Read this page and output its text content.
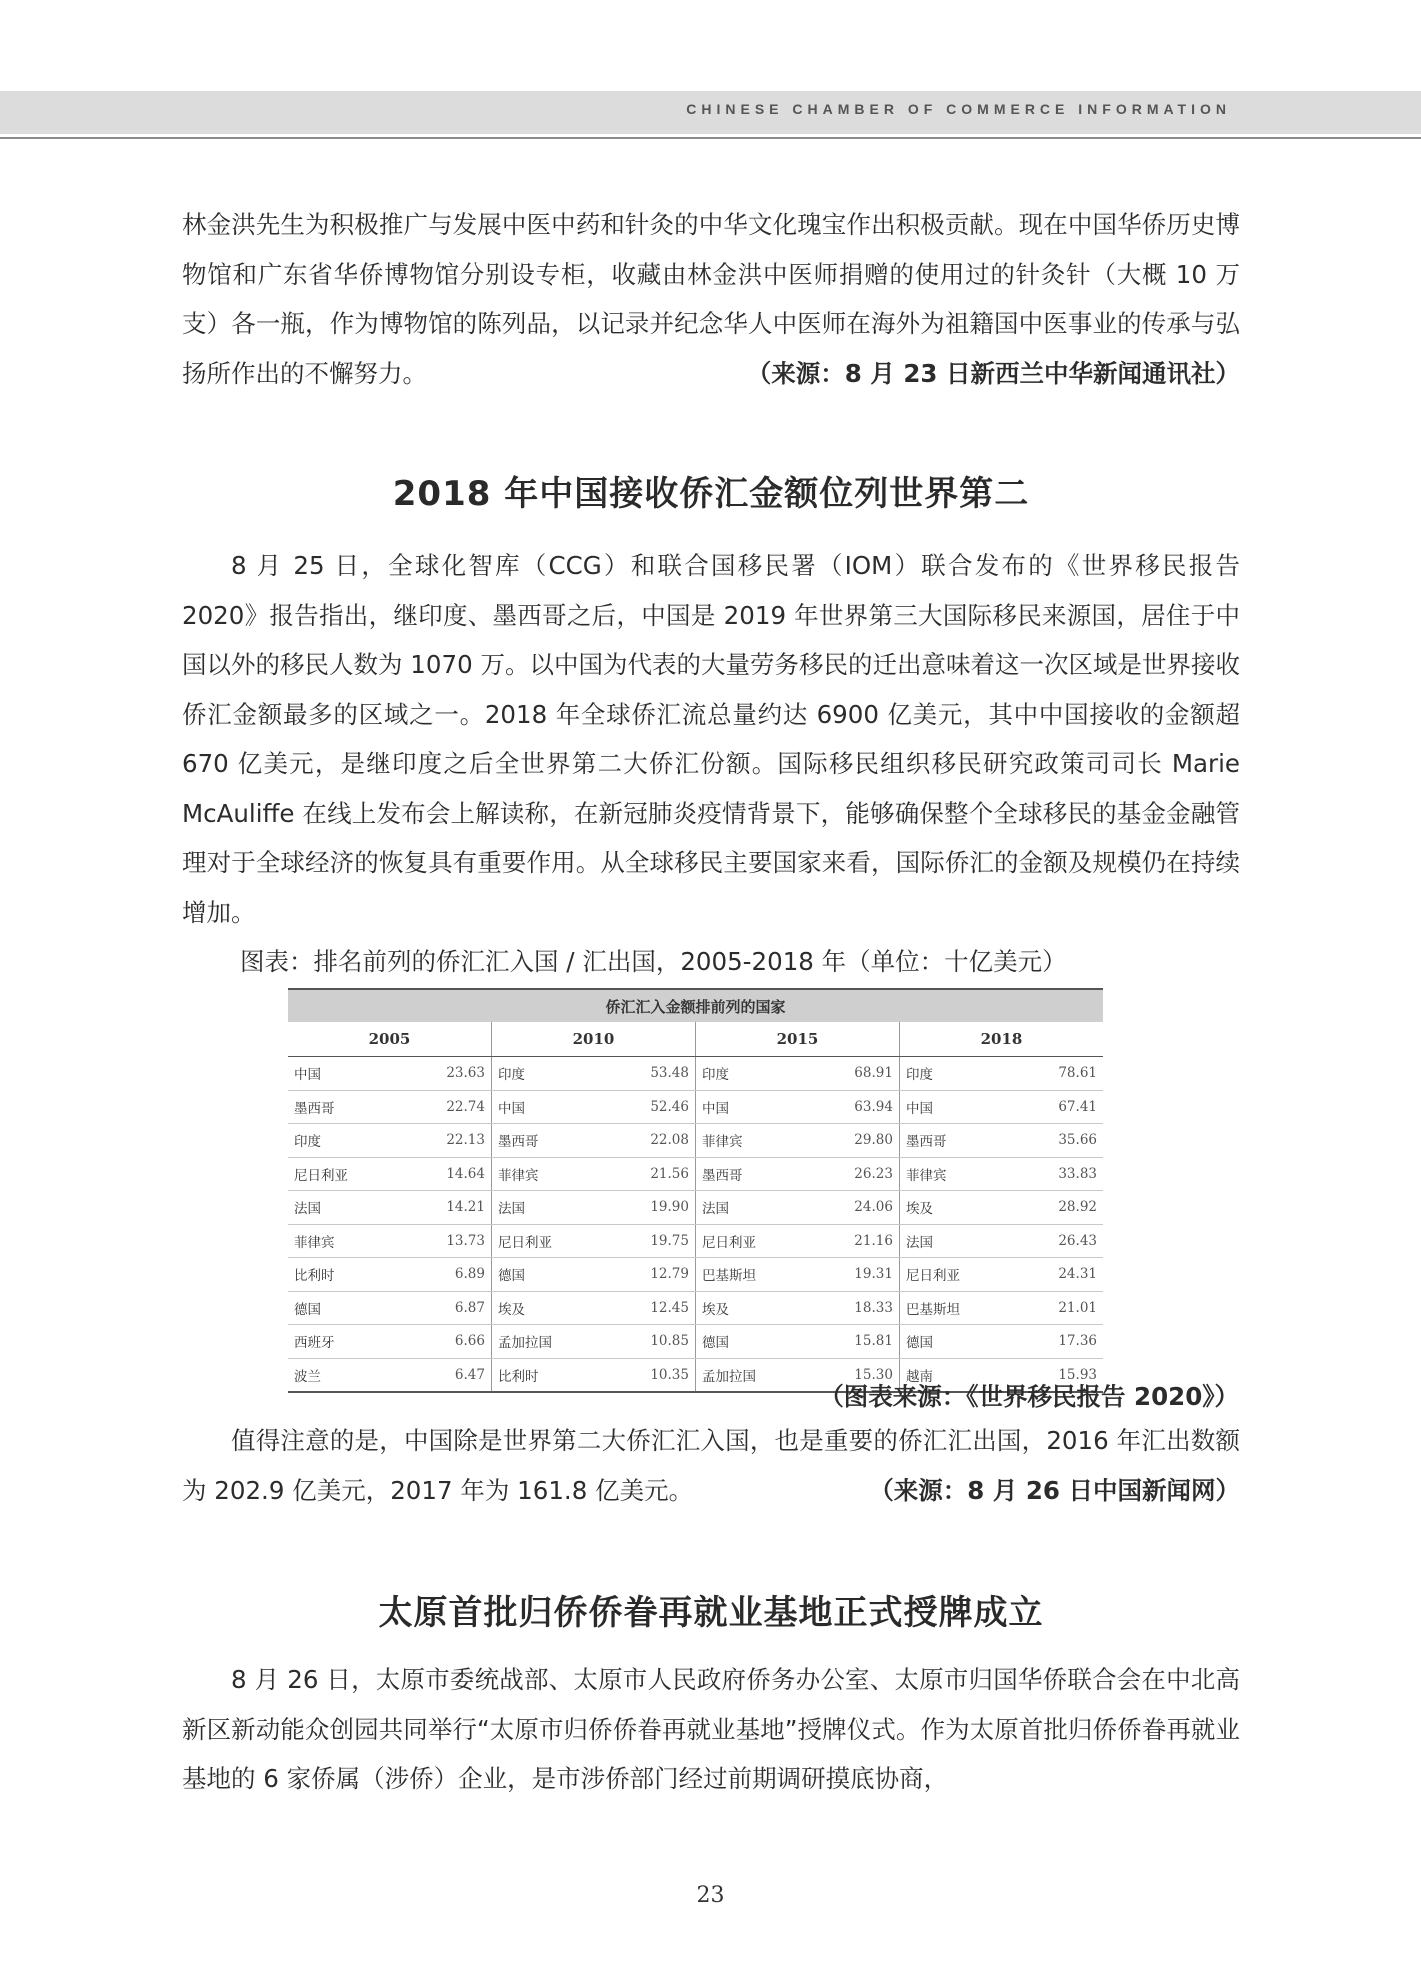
CHINESE CHAMBER OF COMMERCE INFORMATION

林金洪先生为积极推广与发展中医中药和针灸的中华文化瑰宝作出积极贡献。现在中国华侨历史博物馆和广东省华侨博物馆分别设专柜，收藏由林金洪中医师捐赠的使用过的针灸针（大概 10 万支）各一瓶，作为博物馆的陈列品，以记录并纪念华人中医师在海外为祖籍国中医事业的传承与弘扬所作出的不懈努力。	（来源：8 月 23 日新西兰中华新闻通讯社）

2018 年中国接收侨汇金额位列世界第二

8 月 25 日，全球化智库（CCG）和联合国移民署（IOM）联合发布的《世界移民报告 2020》报告指出，继印度、墨西哥之后，中国是 2019 年世界第三大国际移民来源国，居住于中国以外的移民人数为 1070 万。以中国为代表的大量劳务移民的迁出意味着这一次区域是世界接收侨汇金额最多的区域之一。2018 年全球侨汇流总量约达 6900 亿美元，其中中国接收的金额超 670 亿美元，是继印度之后全世界第二大侨汇份额。国际移民组织移民研究政策司司长 Marie McAuliffe 在线上发布会上解读称，在新冠肺炎疫情背景下，能够确保整个全球移民的基金金融管理对于全球经济的恢复具有重要作用。从全球移民主要国家来看，国际侨汇的金额及规模仍在持续增加。

图表：排名前列的侨汇汇入国 / 汇出国，2005-2018 年（单位：十亿美元）
侨汇汇入金额排前列的国家							
2005		2010		2015		2018	
中国	23.63	印度	53.48	印度	68.91	印度	78.61
墨西哥	22.74	中国	52.46	中国	63.94	中国	67.41
印度	22.13	墨西哥	22.08	菲律宾	29.80	墨西哥	35.66
尼日利亚	14.64	菲律宾	21.56	墨西哥	26.23	菲律宾	33.83
法国	14.21	法国	19.90	法国	24.06	埃及	28.92
菲律宾	13.73	尼日利亚	19.75	尼日利亚	21.16	法国	26.43
比利时	6.89	德国	12.79	巴基斯坦	19.31	尼日利亚	24.31
德国	6.87	埃及	12.45	埃及	18.33	巴基斯坦	21.01
西班牙	6.66	孟加拉国	10.85	德国	15.81	德国	17.36
波兰	6.47	比利时	10.35	孟加拉国	15.30	越南	15.93
（图表来源：《世界移民报告 2020》）

值得注意的是，中国除是世界第二大侨汇汇入国，也是重要的侨汇汇出国，2016 年汇出数额为 202.9 亿美元，2017 年为 161.8 亿美元。	（来源：8 月 26 日中国新闻网）

太原首批归侨侨眷再就业基地正式授牌成立

8 月 26 日，太原市委统战部、太原市人民政府侨务办公室、太原市归国华侨联合会在中北高新区新动能众创园共同举行“太原市归侨侨眷再就业基地”授牌仪式。作为太原首批归侨侨眷再就业基地的 6 家侨属（涉侨）企业，是市涉侨部门经过前期调研摸底协商，

23
